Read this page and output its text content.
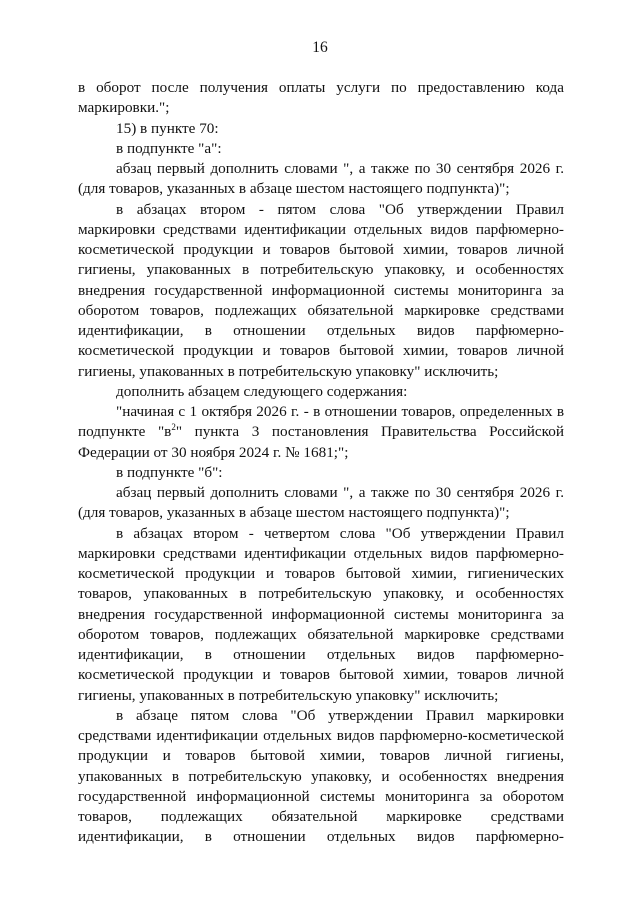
16

в оборот после получения оплаты услуги по предоставлению кода маркировки.";

15) в пункте 70:

в подпункте "а":

абзац первый дополнить словами ", а также по 30 сентября 2026 г. (для товаров, указанных в абзаце шестом настоящего подпункта)";

в абзацах втором - пятом слова "Об утверждении Правил маркировки средствами идентификации отдельных видов парфюмерно-косметической продукции и товаров бытовой химии, товаров личной гигиены, упакованных в потребительскую упаковку, и особенностях внедрения государственной информационной системы мониторинга за оборотом товаров, подлежащих обязательной маркировке средствами идентификации, в отношении отдельных видов парфюмерно-косметической продукции и товаров бытовой химии, товаров личной гигиены, упакованных в потребительскую упаковку" исключить;

дополнить абзацем следующего содержания:

"начиная с 1 октября 2026 г. - в отношении товаров, определенных в подпункте "$в^2$" пункта 3 постановления Правительства Российской Федерации от 30 ноября 2024 г. № 1681;";

в подпункте "б":

абзац первый дополнить словами ", а также по 30 сентября 2026 г. (для товаров, указанных в абзаце шестом настоящего подпункта)";

в абзацах втором - четвертом слова "Об утверждении Правил маркировки средствами идентификации отдельных видов парфюмерно-косметической продукции и товаров бытовой химии, гигиенических товаров, упакованных в потребительскую упаковку, и особенностях внедрения государственной информационной системы мониторинга за оборотом товаров, подлежащих обязательной маркировке средствами идентификации, в отношении отдельных видов парфюмерно-косметической продукции и товаров бытовой химии, товаров личной гигиены, упакованных в потребительскую упаковку" исключить;

в абзаце пятом слова "Об утверждении Правил маркировки средствами идентификации отдельных видов парфюмерно-косметической продукции и товаров бытовой химии, товаров личной гигиены, упакованных в потребительскую упаковку, и особенностях внедрения государственной информационной системы мониторинга за оборотом товаров, подлежащих обязательной маркировке средствами идентификации, в отношении отдельных видов парфюмерно-
